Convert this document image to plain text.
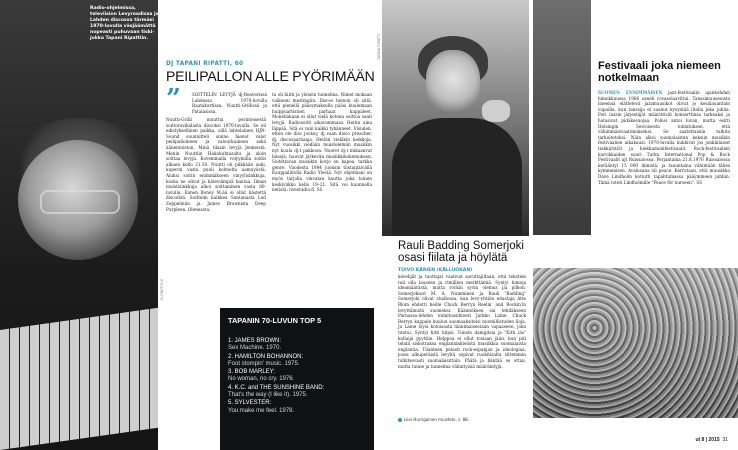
Radio-ohjelmissa, televiision Levyraadissa ja Lahden discossa tärmäsi 1970-luvulla väsjäämättä nopeasti puhuvaan tiski-jokka Tapani Ripattiin.
ELONET/YLE
TAPANI RIPATTI
DJ TAPANI RIPATTI, 60
PEILIPALLON ALLE PYÖRIMÄÄN
”	SOITTELIN LEVYJÄ dj-Reaverissä Lahdessa 1970-luvulla Raatakartissa, Nuutti-Grillissä ja Patalasissa.

Nuutti-Grilli muuttui perinteisestä soittoravikalasta discoksi 1970-luvulla. Se oli edistyksellinen paikka, sillä lahtelainen HJN-Sound suunnitteli siinne hienot valot peilipalloineen ja valourkuineen sekä äänentoiston. Minä tilasin levyjä Jenkeistä. Menin Nuuttiin Hakahuhtasalta ja aloin soittaa levyjä. Kovemmalla volyymilla soitin alkaen kello 21.30. Nuutti oli pilkkään auki, kuperin vasta puoli kolmelta aamuyöstä. Aluksi soitin enimmäkseen vinyylisinkkuja, koska ne olivat ja käteviämpiä kantaa. Ilman muistisinkkuja alkoi soittaminen vasta 80-luvulla. Ennen Boney M:ää ei ollut kästettä discoihin. Soittelin kaikkea Santanasta Led Zeppeliniin ja James Brownista Deep Purpleen. Oleneasta.

ta oli hiitti ja yleisön tunnelma. Nimet mokaan vaikeeni mestingiin. Discos hienon oli siitä, että pienellä pääsymaksulla pääsi kuulemaan huippuartistien parhaat kappaleet. Monellakaan ei ollut vielä kotona soittoa saati levyjä. Radiosoitti aikavammasa. Heitin aina läppää. Sitä ei vain kaikki tykänneet. Visiulen, etten ole disc jockey, dj vaan disco preacher, dj, discosaarnaaja. Heitän vieläkin keikkoja. Nyt vuosikki viedään muistelemiin musiikin nyt kuulu dj:t pakkoon. Nuoret dj:t mikaanvat biisejä, huovat järkevän musiikkikokemuksen. Soitettavan musiikin korjo on kapea, tarkka genre. Vuodesta 1984 juonsin tiistaipäivällä Kauppaliitolla Radio Ylestä. Nyt ohjelmani on myös tarjolla vinvatan kautta joka toinen keskiviikko kello 19–21. Sitä voi kuunnella netistä: livesradio.fi. SS

TAPANIN 70-LUVUN TOP 5
1. JAMES BROWN:
Sex Machine. 1970.
2. HAMILTON BOHANNON:
Foot stompin' music. 1975.
3. BOB MARLEY:
No woman, no cry. 1976.
4. K.C. and THE SUNSHINE BAND:
That's the way (I like it). 1975.
5. SYLVESTER:
You make me feel. 1978.
Rauli Badding Somerjoki osasi fiilata ja höylätä
TOIVO KÄRIEN (KÄLLUOKAN)

kävelijät ja tuottajat vaativat savuttajiltaan, että tekstien tuli olla lauseen ja rimillien merkttämiä. Syntyi himoja ideamäärästä, mutta rockin syvin olemus jäi pilkon. Somerjokisot M. A. Numminen ja Rauli "Badding" Somerjoki olivat studiossa, kun levy-yhtiön edustaja Atte Blom ehdotti heille Chuck Berryn Reelin' and Rockin'in levyttämistä suomeksi. Käännöksen sai tehdäkseen Parnasso-lehden toimitussihteeri Jarkko Laine. Chuck Berryn kappale kuuluu suomaaksitelsi nuomillistuden iloja. Ja Laine löysi kotoisasta lännimaisestaan vapaaseen, joka tuntui, Syntyi hitti hilpsi, Tunsin damgitsia ja "Kitti iäs" kollaija pyyttiin. Helppoa ei ollut tosiaan jäiin, kun piti tehdä siskotraksa englanninkielistä musiikkia suomalaista englantia. Tilanteen pelasti rock-espanjan ja ideologiaa, jossa alkuperäislä levyltä sopivat ruokitisalta sittemmin tulkitsevasti suomalaisittain. Päätä ja häntää se ottaa, mutta tunne ja tunnelma vähintyisiä määrämtyjä.

Levi Hurrigainen muistelu, s. 88.
Festivaali joka niemeen notkelmaan

SUOMEN ENSIMMÄISEN jazz-festivaalin ajankohdan himokkuussa 1966 saneli rovasolaavittai. Tanssimuuseoista itseensä elättelevä jazzmuusikot olivat jo kesälauantain vapailla, kun tanssija ei saanut kysyntää iltalla joka juhlia. Pori lazzin järjestäjät määrittivät konserttinsa tarkeaksi ja halusivat pidäkesuojaa. Poliisi antoi luvan, mutta esitti Helsingin Seivoisesta toimituksen, että vähimmäisvaatimukseksi. Se saatettaisiin tulkita tarkoitetuksi. Näin alkoi suomalaisten keksiin musiikin festivaalien aikakausi. 1970-luvulla kukkivat jos jonkinlaiset tiekkiyhtiöt ja hiekkamonifestivaalit. Rock-festivaalien karvikkaiden suuri Turku International Pop & Rock Festivaalit ajt Ruissalossa. Perjantaina 21.8.1970 Ruissalossa kerääntyi 15 000 ihmistä, ja lauantaina vähintään lähes kymmenisen. Avainsana oli peace. Kerrotaan, että muusikko Dave Lindholm kotiutti tapahtumassa pääymmeen juhliin. Tämä toteti Lindholmille "Peace för nurseen". SS

ut 8 | 2015 31
